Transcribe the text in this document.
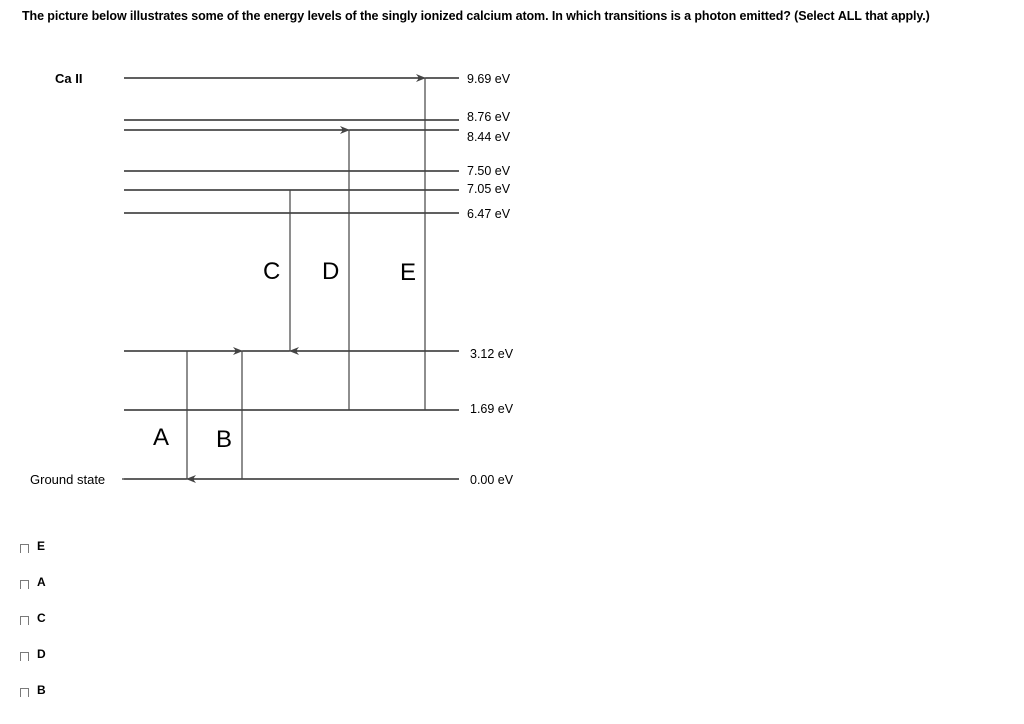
The picture below illustrates some of the energy levels of the singly ionized calcium atom. In which transitions is a photon emitted? (Select ALL that apply.)
Ca II
Ground state
9.69 eV
8.76 eV
8.44 eV
7.50 eV
7.05 eV
6.47 eV
3.12 eV
1.69 eV
0.00 eV
A B
C D	E
E
A
C
D
B
